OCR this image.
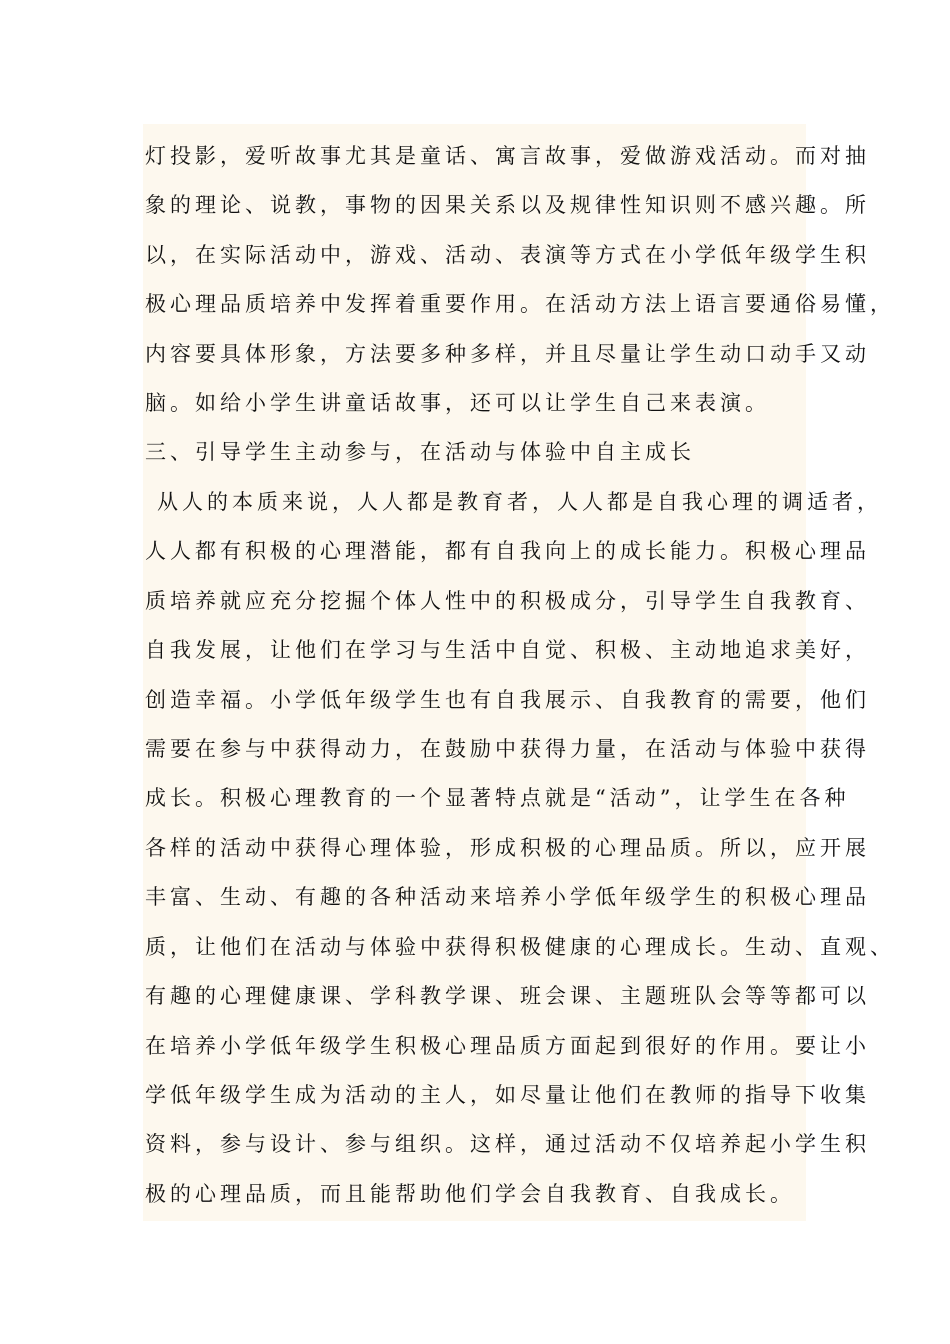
灯投影，爱听故事尤其是童话、寓言故事，爱做游戏活动。而对抽
象的理论、说教，事物的因果关系以及规律性知识则不感兴趣。所
以，在实际活动中，游戏、活动、表演等方式在小学低年级学生积
极心理品质培养中发挥着重要作用。在活动方法上语言要通俗易懂，
内容要具体形象，方法要多种多样，并且尽量让学生动口动手又动
脑。如给小学生讲童话故事，还可以让学生自己来表演。
三、引导学生主动参与，在活动与体验中自主成长
从人的本质来说，人人都是教育者，人人都是自我心理的调适者，
人人都有积极的心理潜能，都有自我向上的成长能力。积极心理品
质培养就应充分挖掘个体人性中的积极成分，引导学生自我教育、
自我发展，让他们在学习与生活中自觉、积极、主动地追求美好，
创造幸福。小学低年级学生也有自我展示、自我教育的需要，他们
需要在参与中获得动力，在鼓励中获得力量，在活动与体验中获得
成长。积极心理教育的一个显著特点就是“活动”，让学生在各种
各样的活动中获得心理体验，形成积极的心理品质。所以，应开展
丰富、生动、有趣的各种活动来培养小学低年级学生的积极心理品
质，让他们在活动与体验中获得积极健康的心理成长。生动、直观、
有趣的心理健康课、学科教学课、班会课、主题班队会等等都可以
在培养小学低年级学生积极心理品质方面起到很好的作用。要让小
学低年级学生成为活动的主人，如尽量让他们在教师的指导下收集
资料，参与设计、参与组织。这样，通过活动不仅培养起小学生积
极的心理品质，而且能帮助他们学会自我教育、自我成长。
